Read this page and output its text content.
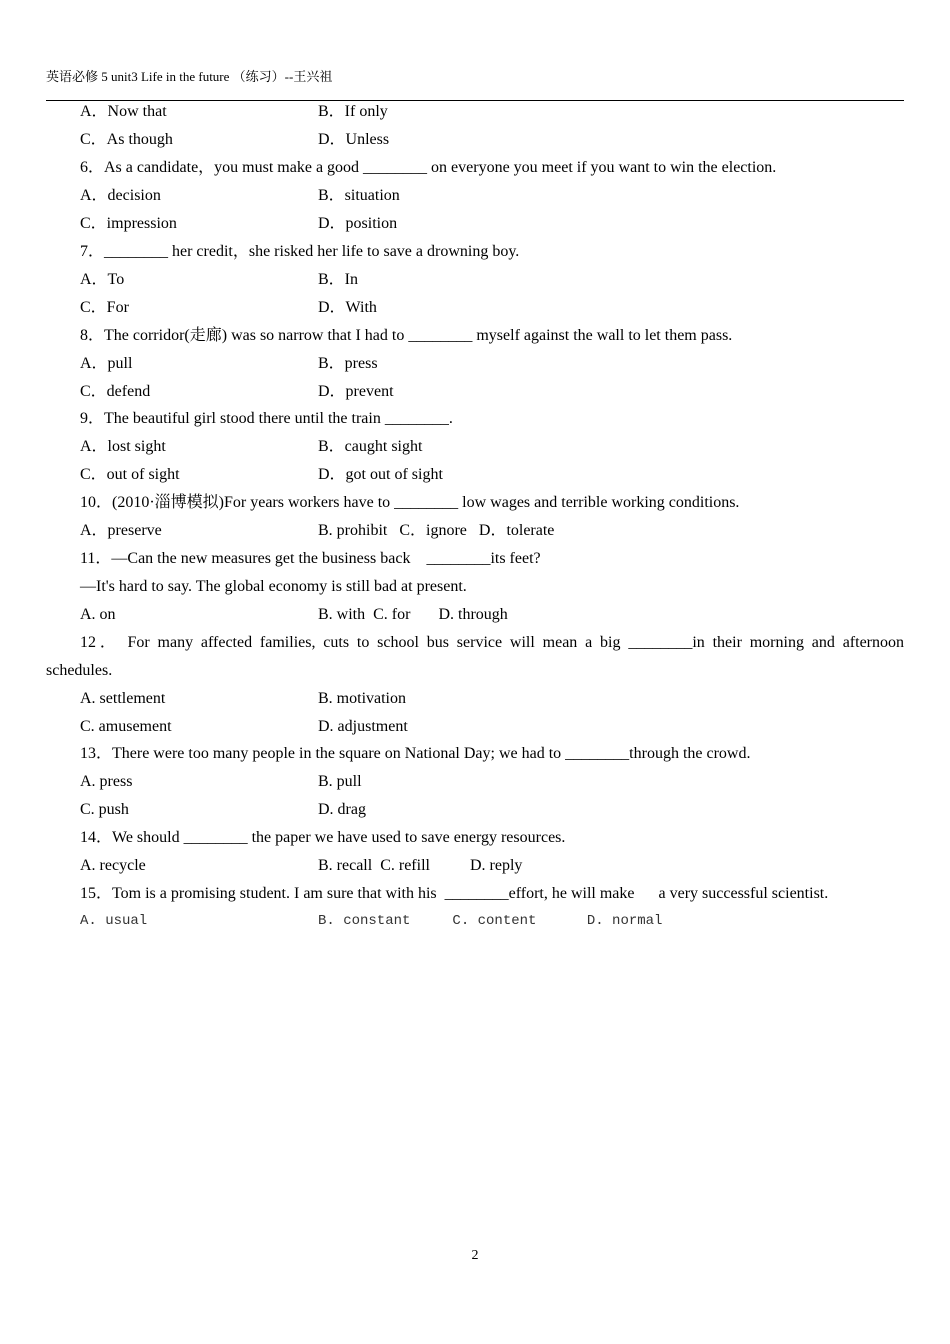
英语必修 5 unit3 Life in the future （练习）--王兴祖
A．Now that	B．If only
C．As though	D．Unless
6．As a candidate，you must make a good ________ on everyone you meet if you want to win the election.
A．decision	B．situation
C．impression	D．position
7．________ her credit，she risked her life to save a drowning boy.
A．To	B．In
C．For	D．With
8．The corridor(走廊) was so narrow that I had to ________ myself against the wall to let them pass.
A．pull	B．press
C．defend	D．prevent
9．The beautiful girl stood there until the train ________.
A．lost sight	B．caught sight
C．out of sight	D．got out of sight
10．(2010·淄博模拟)For years workers have to ________ low wages and terrible working conditions.
A．preserve	B. prohibit   C．ignore   D．tolerate
11．—Can the new measures get the business back    ________its feet?
—It's hard to say. The global economy is still bad at present.
A. on	B. with  C. for       D. through
12． For many affected families, cuts to school bus service will mean a big ________in their morning and afternoon
schedules.
A. settlement	B. motivation
C. amusement	D. adjustment
13．There were too many people in the square on National Day; we had to ________through the crowd.
A. press	B. pull
C. push	D. drag
14．We should ________ the paper we have used to save energy resources.
A. recycle	B. recall  C. refill          D. reply
15．Tom is a promising student. I am sure that with his  ________effort, he will make      a very successful scientist.
A. usual	B. constant     C. content      D. normal
2
